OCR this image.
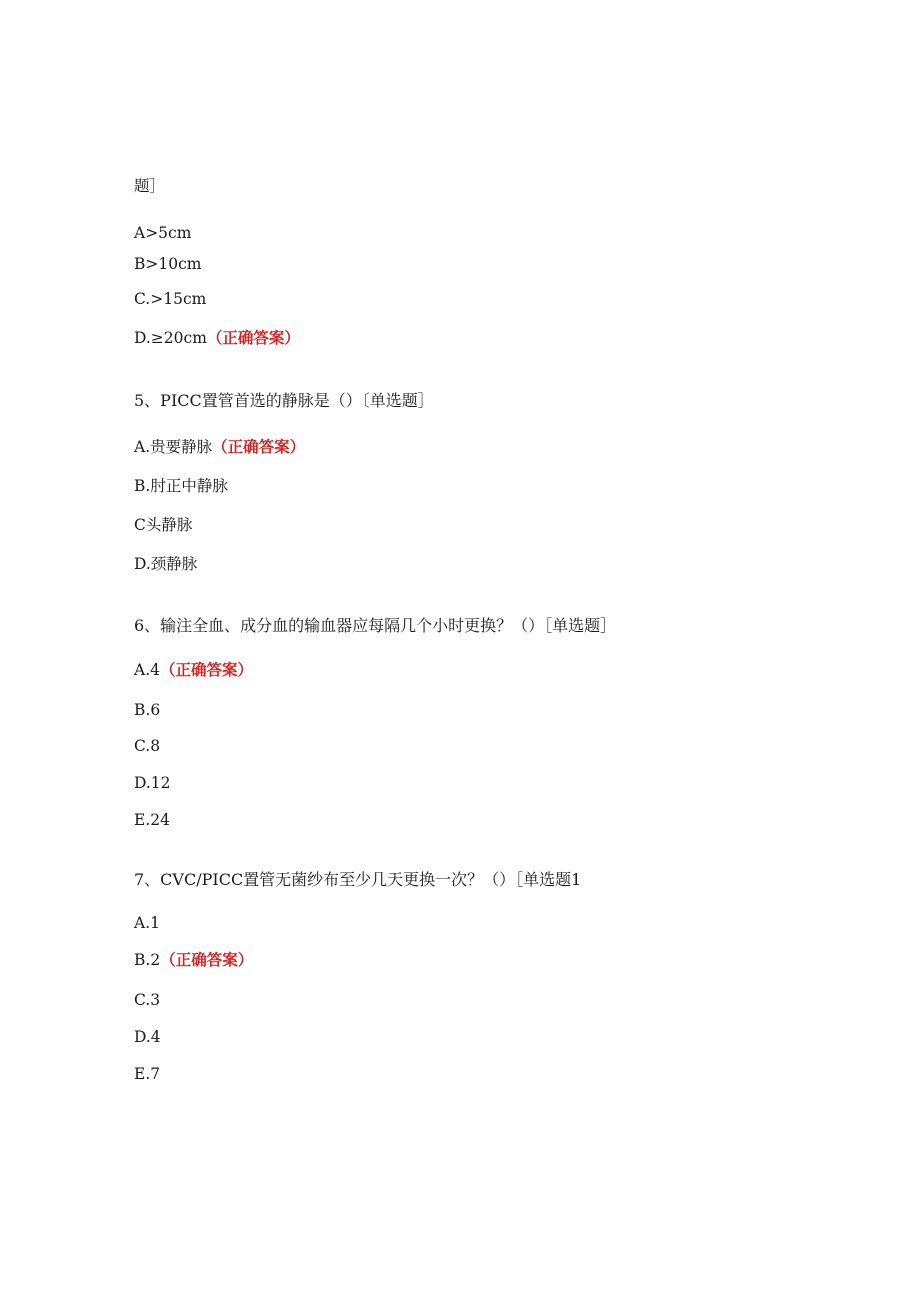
题］
A>5cm
B>10cm
C.>15cm
D.≥20cm（正确答案）
5、PICC置管首选的静脉是（）〔单选题］
A.贵要静脉（正确答案）
B.肘正中静脉
C头静脉
D.颈静脉
6、输注全血、成分血的输血器应每隔几个小时更换？（）［单选题］
A.4（正确答案）
B.6
C.8
D.12
E.24
7、CVC/PICC置管无菌纱布至少几天更换一次？（）［单选题1
A.1
B.2（正确答案）
C.3
D.4
E.7
